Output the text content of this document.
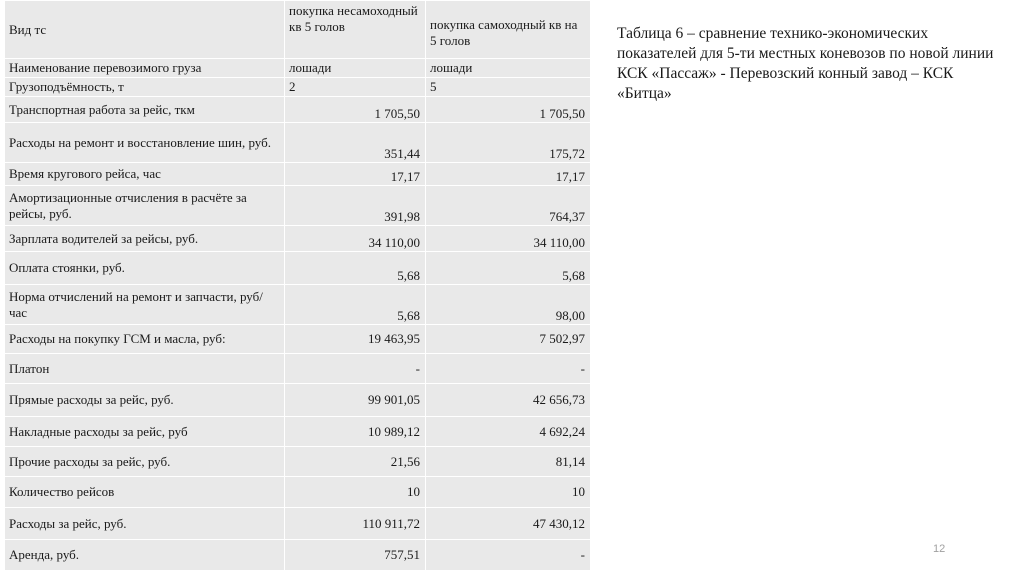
Вид тс	покупка несамоходный кв 5 голов	покупка самоходный кв на 5 голов
Наименование перевозимого груза	лошади	лошади
Грузоподъёмность, т	2	5
Транспортная работа за рейс, ткм	1 705,50	1 705,50
Расходы на ремонт и восстановление шин, руб.	351,44	175,72
Время кругового рейса, час	17,17	17,17
Амортизационные отчисления в расчёте за рейсы, руб.	391,98	764,37
Зарплата водителей за рейсы, руб.	34 110,00	34 110,00
Оплата стоянки, руб.	5,68	5,68
Норма отчислений на ремонт и запчасти, руб/час	5,68	98,00
Расходы на покупку ГСМ и масла, руб:	19 463,95	7 502,97
Платон	-	-
Прямые расходы за рейс, руб.	99 901,05	42 656,73
Накладные расходы за рейс, руб	10 989,12	4 692,24
Прочие расходы за рейс, руб.	21,56	81,14
Количество рейсов	10	10
Расходы за рейс, руб.	110 911,72	47 430,12
Аренда, руб.	757,51	-
Таблица 6 – сравнение технико-экономических показателей для 5-ти местных коневозов по новой линии КСК «Пассаж» - Перевозский конный завод – КСК «Битца»
12
